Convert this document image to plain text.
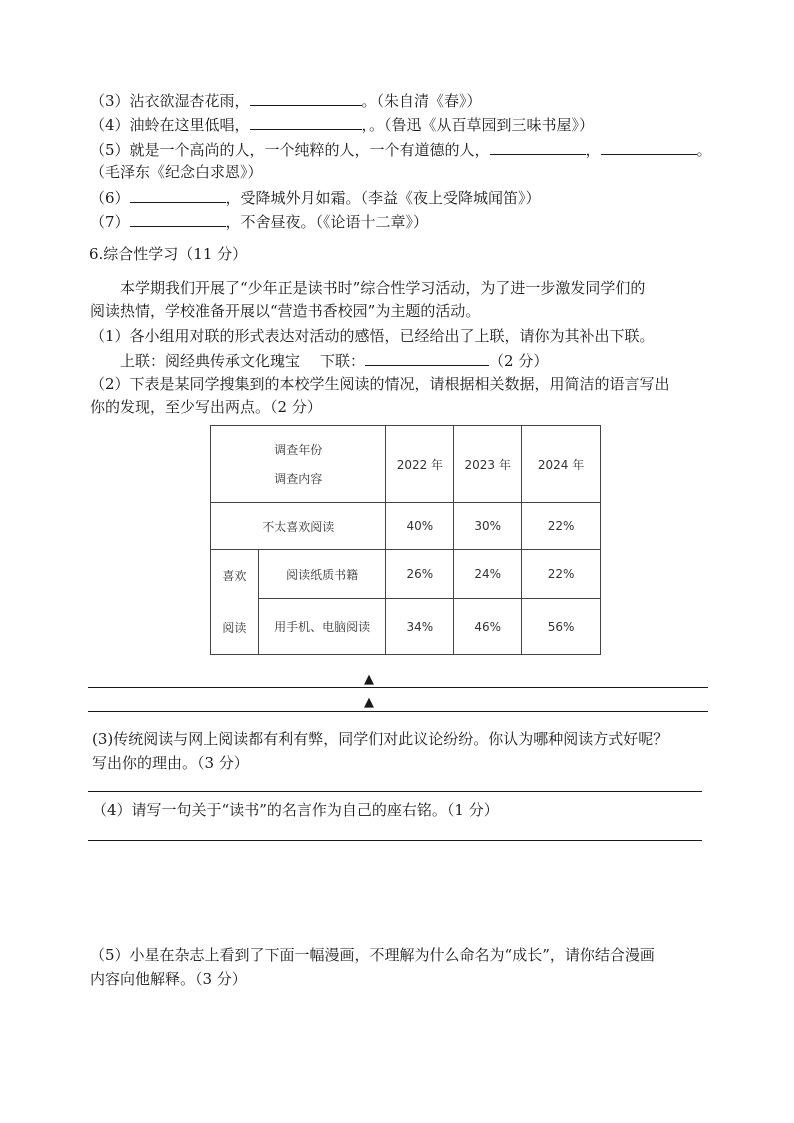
（3）沾衣欲湿杏花雨，	。（朱自清《春》）
（4）油蛉在这里低唱，	，。（鲁迅《从百草园到三味书屋》）
（5）就是一个高尚的人，一个纯粹的人，一个有道德的人，	，	。
（毛泽东《纪念白求恩》）
（6）	，受降城外月如霜。（李益《夜上受降城闻笛》）
（7）	，不舍昼夜。（《论语十二章》）
6.综合性学习（11 分）
本学期我们开展了“少年正是读书时”综合性学习活动，为了进一步激发同学们的
阅读热情，学校准备开展以“营造书香校园”为主题的活动。
（1）各小组用对联的形式表达对活动的感悟，已经给出了上联，请你为其补出下联。
上联：阅经典传承文化瑰宝 下联：	（2 分）
（2）下表是某同学搜集到的本校学生阅读的情况，请根据相关数据，用简洁的语言写出
你的发现，至少写出两点。（2 分）
调查年份
调查内容		2022 年	2023 年	2024 年
不太喜欢阅读		40%	30%	22%

喜欢
阅读	阅读纸质书籍	26%	24%	22%
	用手机、电脑阅读	34%	46%	56%
▲
▲
(3)传统阅读与网上阅读都有利有弊，同学们对此议论纷纷。你认为哪种阅读方式好呢？
写出你的理由。（3 分）
（4）请写一句关于“读书”的名言作为自己的座右铭。（1 分）
（5）小星在杂志上看到了下面一幅漫画，不理解为什么命名为“成长”，请你结合漫画
内容向他解释。（3 分）
